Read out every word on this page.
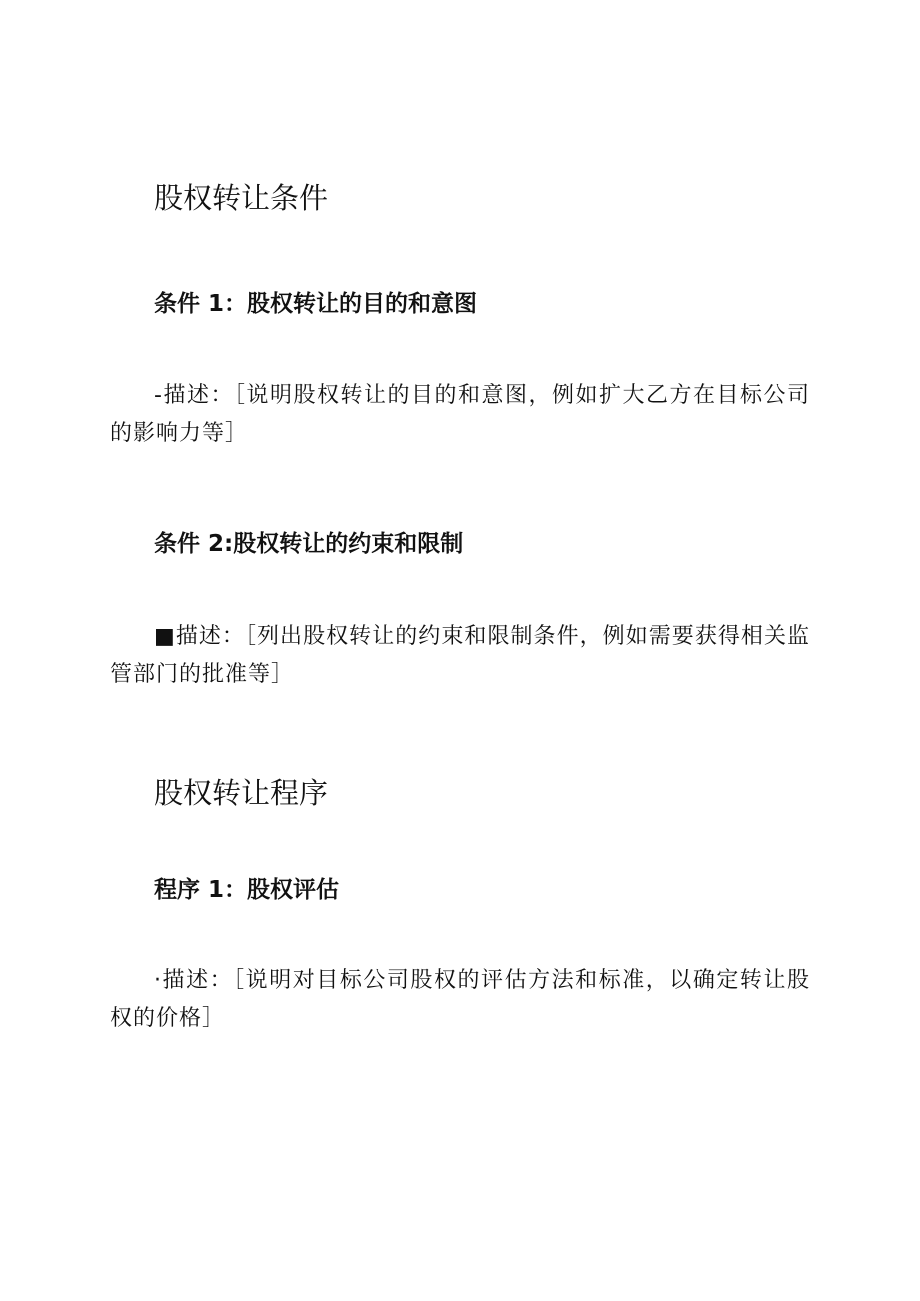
股权转让条件
条件 1：股权转让的目的和意图

-描述：［说明股权转让的目的和意图，例如扩大乙方在目标公司的影响力等］

条件 2:股权转让的约束和限制

■描述：［列出股权转让的约束和限制条件，例如需要获得相关监管部门的批准等］

股权转让程序
程序 1：股权评估

·描述：［说明对目标公司股权的评估方法和标准，以确定转让股权的价格］
